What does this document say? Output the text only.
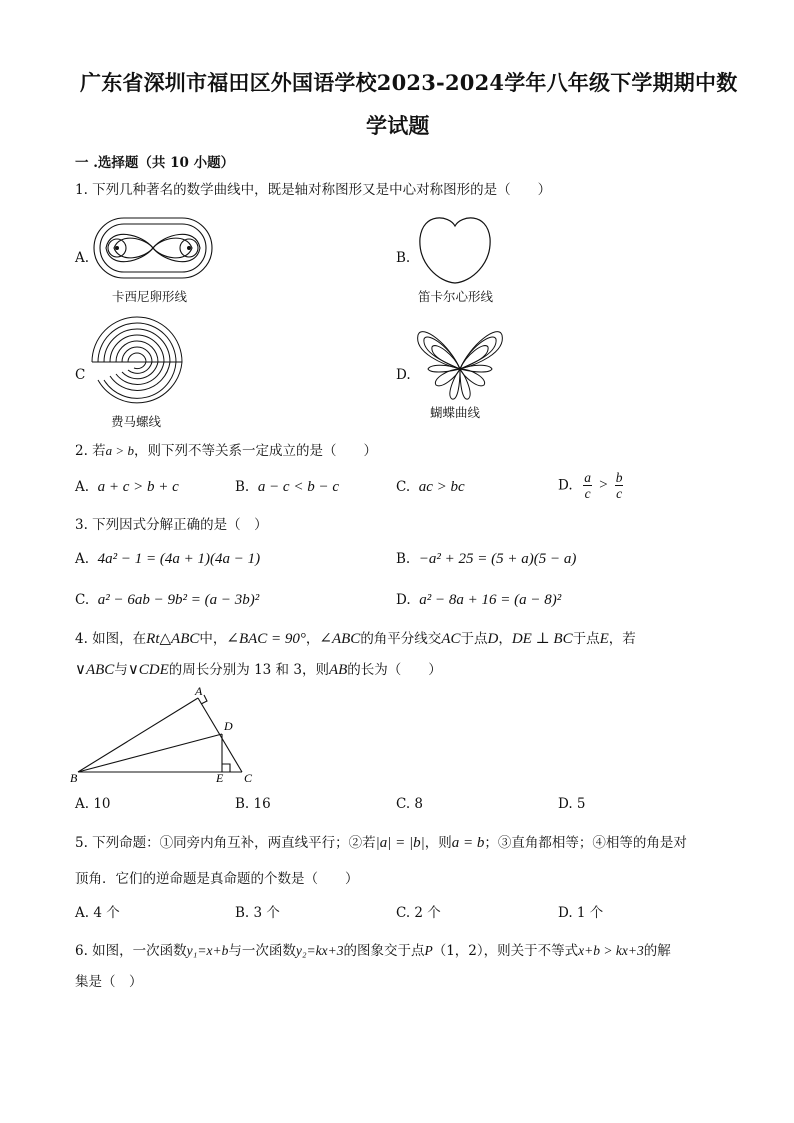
广东省深圳市福田区外国语学校2023-2024学年八年级下学期期中数
学试题
一 .选择题（共 10 小题）
1. 下列几种著名的数学曲线中，既是轴对称图形又是中心对称图形的是（　　）
A.
卡西尼卵形线
B.
笛卡尔心形线
C
费马螺线
D.
蝴蝶曲线
2. 若a > b，则下列不等关系一定成立的是（　　）
A. a + c > b + c	B. a − c < b − c	C. ac > bc	D. $\frac{a}{c} > \frac{b}{c}$
3. 下列因式分解正确的是（　）
A. 4a² − 1 = (4a + 1)(4a − 1)	B. −a² + 25 = (5 + a)(5 − a)
C. a² − 6ab − 9b² = (a − 3b)²	D. a² − 8a + 16 = (a − 8)²
4. 如图，在Rt△ABC中，∠BAC = 90°，∠ABC的角平分线交AC于点D，DE ⊥ BC于点E，若
∨ABC与∨CDE的周长分别为 13 和 3，则AB的长为（　　）
A
B	C
D
E
A. 10	B. 16	C. 8	D. 5
5. 下列命题：①同旁内角互补，两直线平行；②若|a| = |b|，则a = b；③直角都相等；④相等的角是对
顶角．它们的逆命题是真命题的个数是（　　）
A. 4 个	B. 3 个	C. 2 个	D. 1 个
6. 如图，一次函数y₁=x+b与一次函数y₂=kx+3的图象交于点P（1，2），则关于不等式x+b > kx+3的解
集是（　）
